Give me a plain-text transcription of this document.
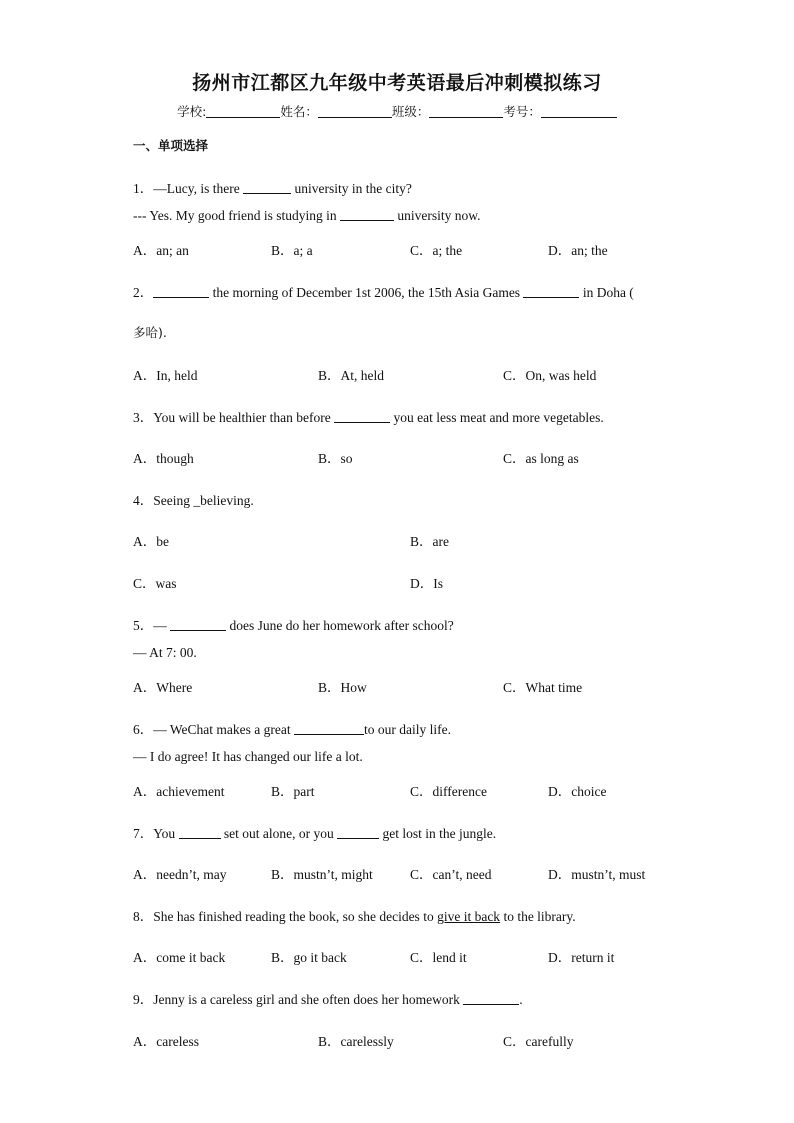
扬州市江都区九年级中考英语最后冲刺模拟练习
学校:	姓名：	班级：	考号：
一、单项选择
1．—Lucy, is there	university in the city?
--- Yes. My good friend is studying in	university now.
A．an; an	B．a; a	C．a; the	D．an; the
2．	the morning of December 1st 2006, the 15th Asia Games	in Doha (
多哈).
A．In, held	B．At, held	C．On, was held
3．You will be healthier than before	you eat less meat and more vegetables.
A．though	B．so	C．as long as
4．Seeing _believing.
A．be	B．are
C．was	D．Is
5．—	does June do her homework after school?
— At 7: 00.
A．Where	B．How	C．What time
6．— WeChat makes a great	to our daily life.
— I do agree! It has changed our life a lot.
A．achievement	B．part	C．difference	D．choice
7．You	set out alone, or you	get lost in the jungle.
A．needn’t, may	B．mustn’t, might	C．can’t, need	D．mustn’t, must
8．She has finished reading the book, so she decides to give it back to the library.
A．come it back	B．go it back	C．lend it	D．return it
9．Jenny is a careless girl and she often does her homework	.
A．careless	B．carelessly	C．carefully
